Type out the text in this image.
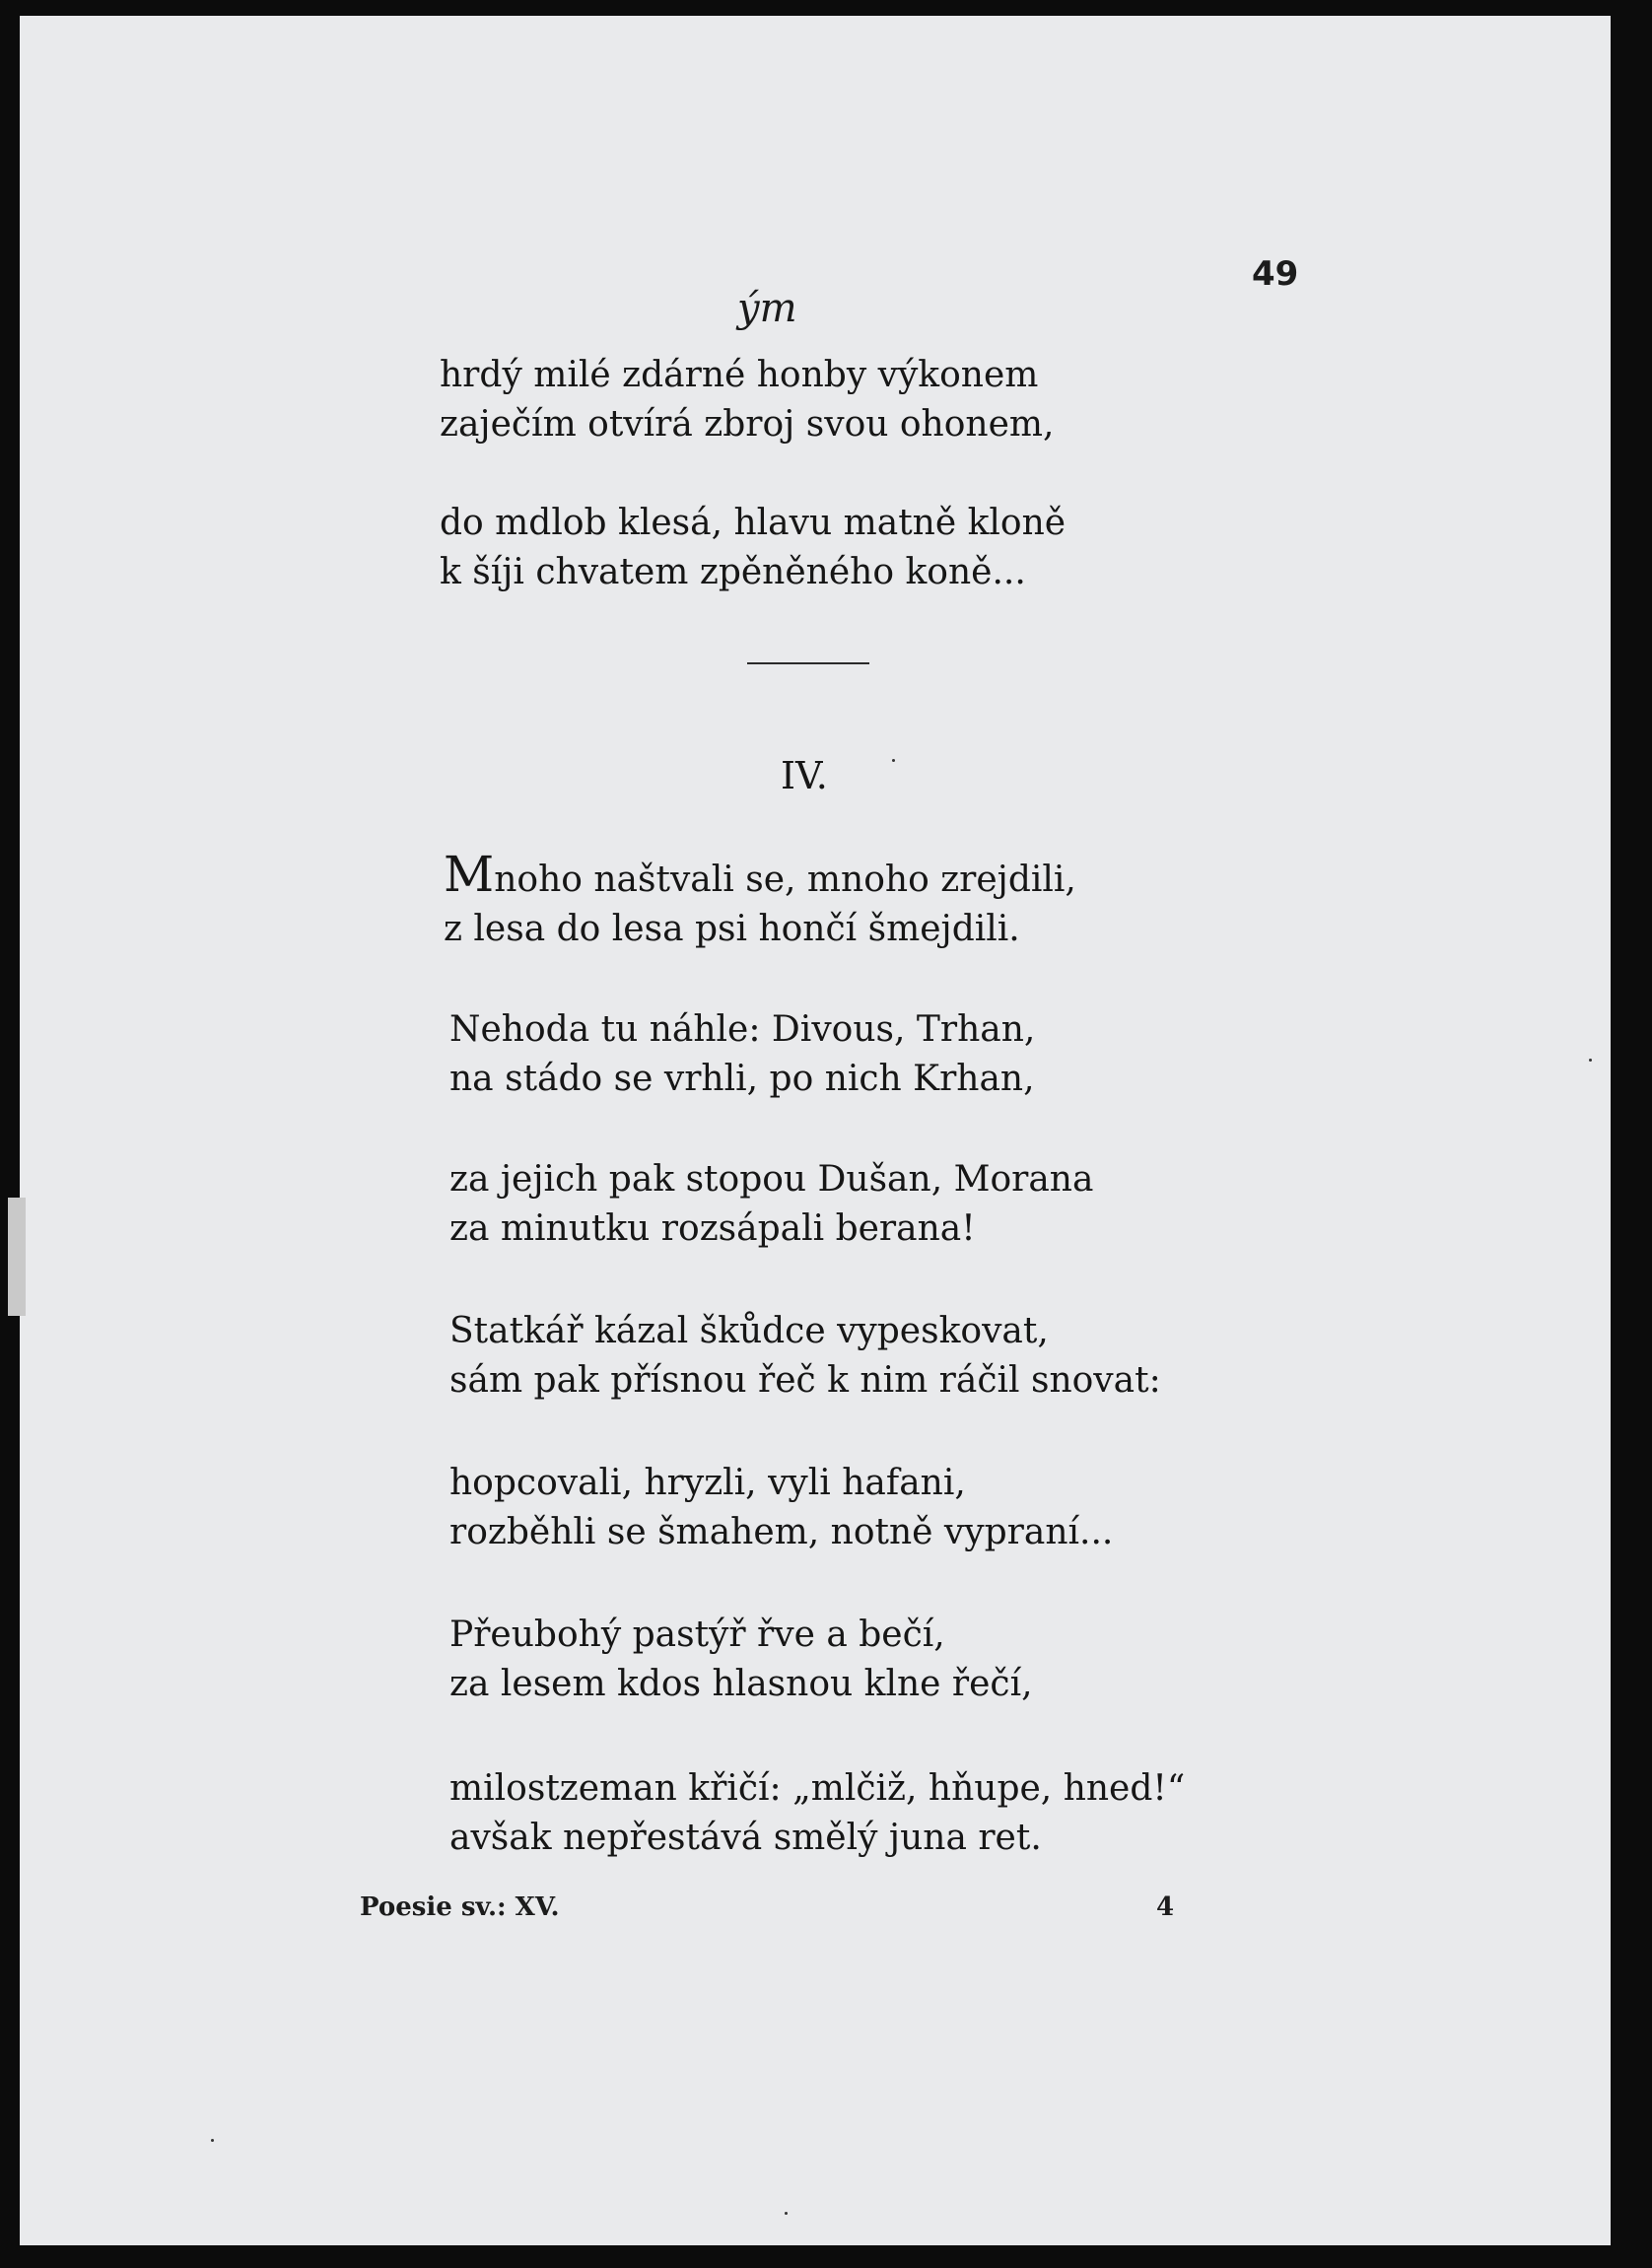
49
ým
hrdý milé zdárné honby výkonem
zaječím otvírá zbroj svou ohonem,
do mdlob klesá, hlavu matně kloně
k šíji chvatem zpěněného koně...
IV.
Mnoho naštvali se, mnoho zrejdili,
z lesa do lesa psi hončí šmejdili.
Nehoda tu náhle: Divous, Trhan,
na stádo se vrhli, po nich Krhan,
za jejich pak stopou Dušan, Morana
za minutku rozsápali berana!
Statkář kázal škůdce vypeskovat,
sám pak přísnou řeč k nim ráčil snovat:
hopcovali, hryzli, vyli hafani,
rozběhli se šmahem, notně vypraní...
Přeubohý pastýř řve a bečí,
za lesem kdos hlasnou klne řečí,
milostzeman křičí: „mlčiž, hňupe, hned!“
avšak nepřestává smělý juna ret.
Poesie sv.: XV.	4
